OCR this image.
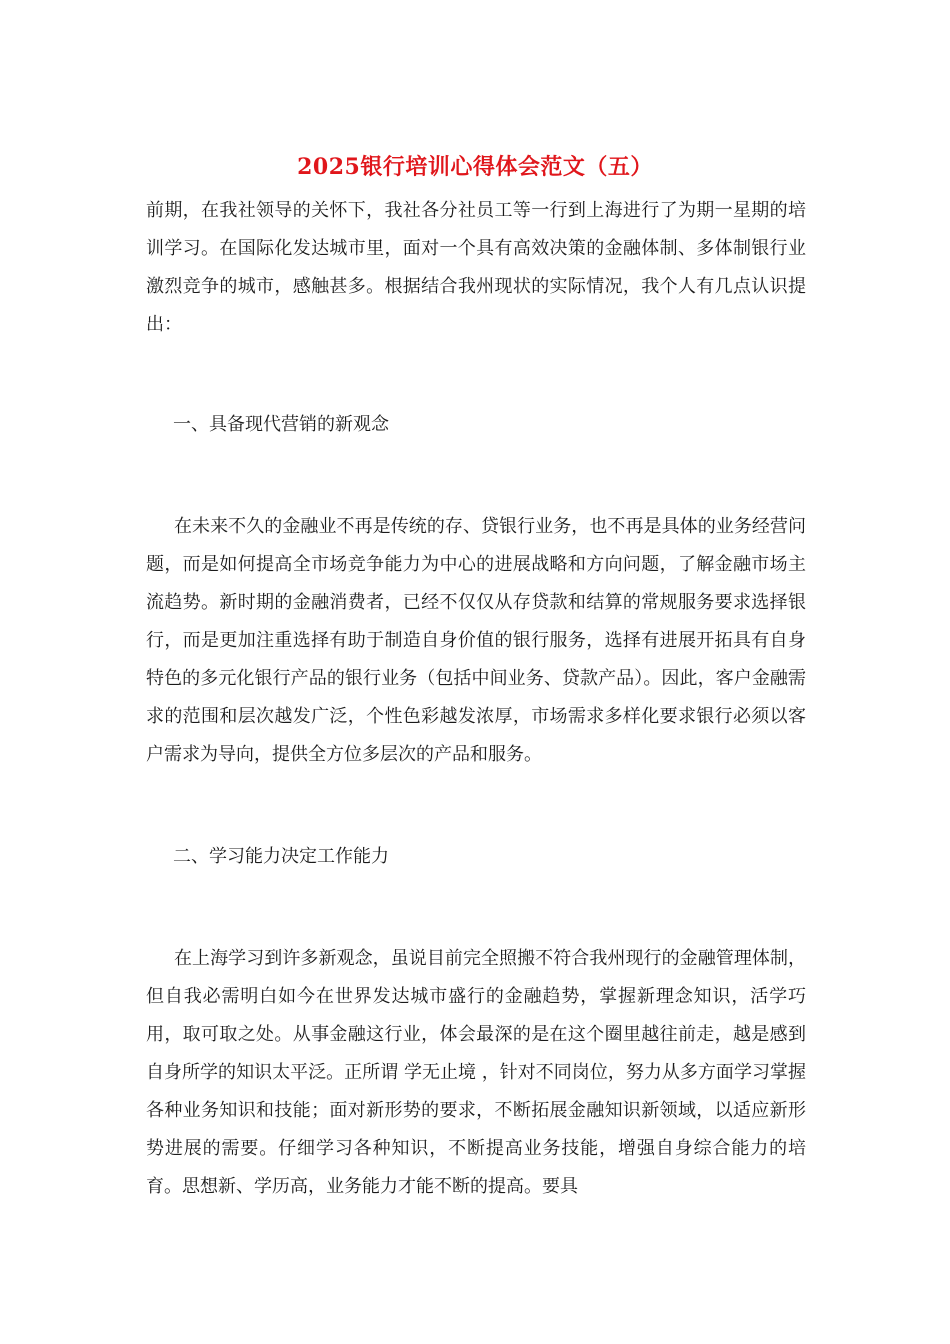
2025银行培训心得体会范文（五）

前期，在我社领导的关怀下，我社各分社员工等一行到上海进行了为期一星期的培训学习。在国际化发达城市里，面对一个具有高效决策的金融体制、多体制银行业激烈竞争的城市，感触甚多。根据结合我州现状的实际情况，我个人有几点认识提出：

一、具备现代营销的新观念

在未来不久的金融业不再是传统的存、贷银行业务，也不再是具体的业务经营问题，而是如何提高全市场竞争能力为中心的进展战略和方向问题，了解金融市场主流趋势。新时期的金融消费者，已经不仅仅从存贷款和结算的常规服务要求选择银行，而是更加注重选择有助于制造自身价值的银行服务，选择有进展开拓具有自身特色的多元化银行产品的银行业务（包括中间业务、贷款产品）。因此，客户金融需求的范围和层次越发广泛，个性色彩越发浓厚，市场需求多样化要求银行必须以客户需求为导向，提供全方位多层次的产品和服务。

二、学习能力决定工作能力

在上海学习到许多新观念，虽说目前完全照搬不符合我州现行的金融管理体制，但自我必需明白如今在世界发达城市盛行的金融趋势，掌握新理念知识，活学巧用，取可取之处。从事金融这行业，体会最深的是在这个圈里越往前走，越是感到自身所学的知识太平泛。正所谓 学无止境 ，针对不同岗位，努力从多方面学习掌握各种业务知识和技能；面对新形势的要求，不断拓展金融知识新领域，以适应新形势进展的需要。仔细学习各种知识，不断提高业务技能，增强自身综合能力的培育。思想新、学历高，业务能力才能不断的提高。要具
